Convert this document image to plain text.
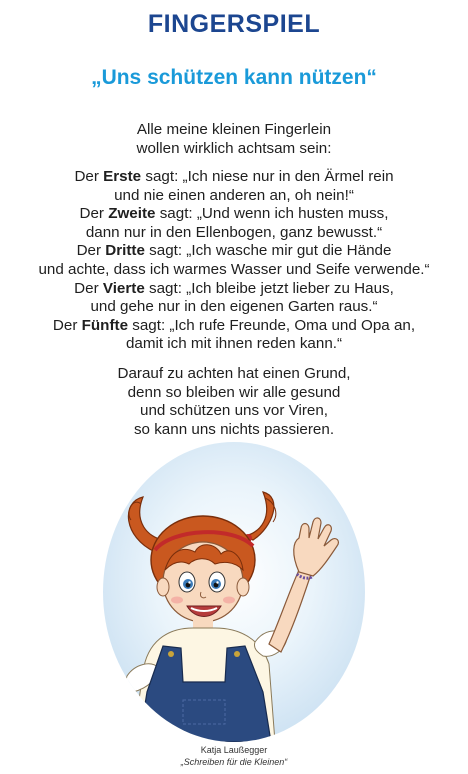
FINGERSPIEL
„Uns schützen kann nützen“
Alle meine kleinen Fingerlein
wollen wirklich achtsam sein:
Der Erste sagt: „Ich niese nur in den Ärmel rein
und nie einen anderen an, oh nein!“
Der Zweite sagt: „Und wenn ich husten muss,
dann nur in den Ellenbogen, ganz bewusst.“
Der Dritte sagt: „Ich wasche mir gut die Hände
und achte, dass ich warmes Wasser und Seife verwende.“
Der Vierte sagt: „Ich bleibe jetzt lieber zu Haus,
und gehe nur in den eigenen Garten raus.“
Der Fünfte sagt: „Ich rufe Freunde, Oma und Opa an,
damit ich mit ihnen reden kann.“
Darauf zu achten hat einen Grund,
denn so bleiben wir alle gesund
und schützen uns vor Viren,
so kann uns nichts passieren.
Katja Laußegger
„Schreiben für die Kleinen“
